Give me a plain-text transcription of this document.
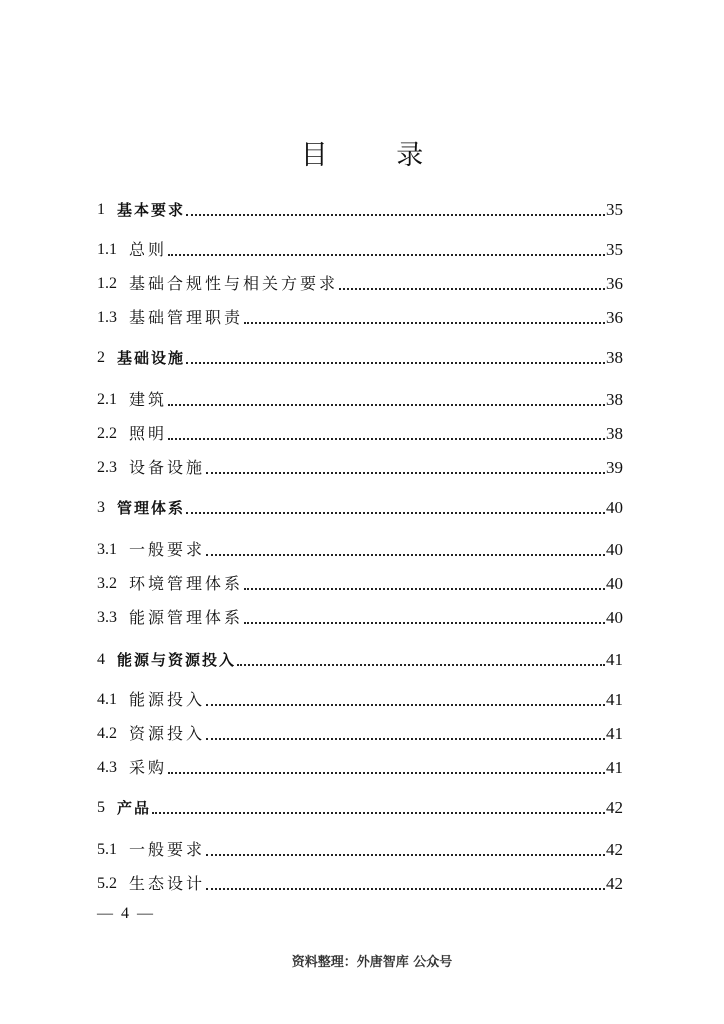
目 录
1 基本要求	35
1.1 总则	35
1.2 基础合规性与相关方要求	36
1.3 基础管理职责	36
2 基础设施	38
2.1 建筑	38
2.2 照明	38
2.3 设备设施	39
3 管理体系	40
3.1 一般要求	40
3.2 环境管理体系	40
3.3 能源管理体系	40
4 能源与资源投入	41
4.1 能源投入	41
4.2 资源投入	41
4.3 采购	41
5 产品	42
5.1 一般要求	42
5.2 生态设计	42
— 4 —
资料整理：外唐智库 公众号
